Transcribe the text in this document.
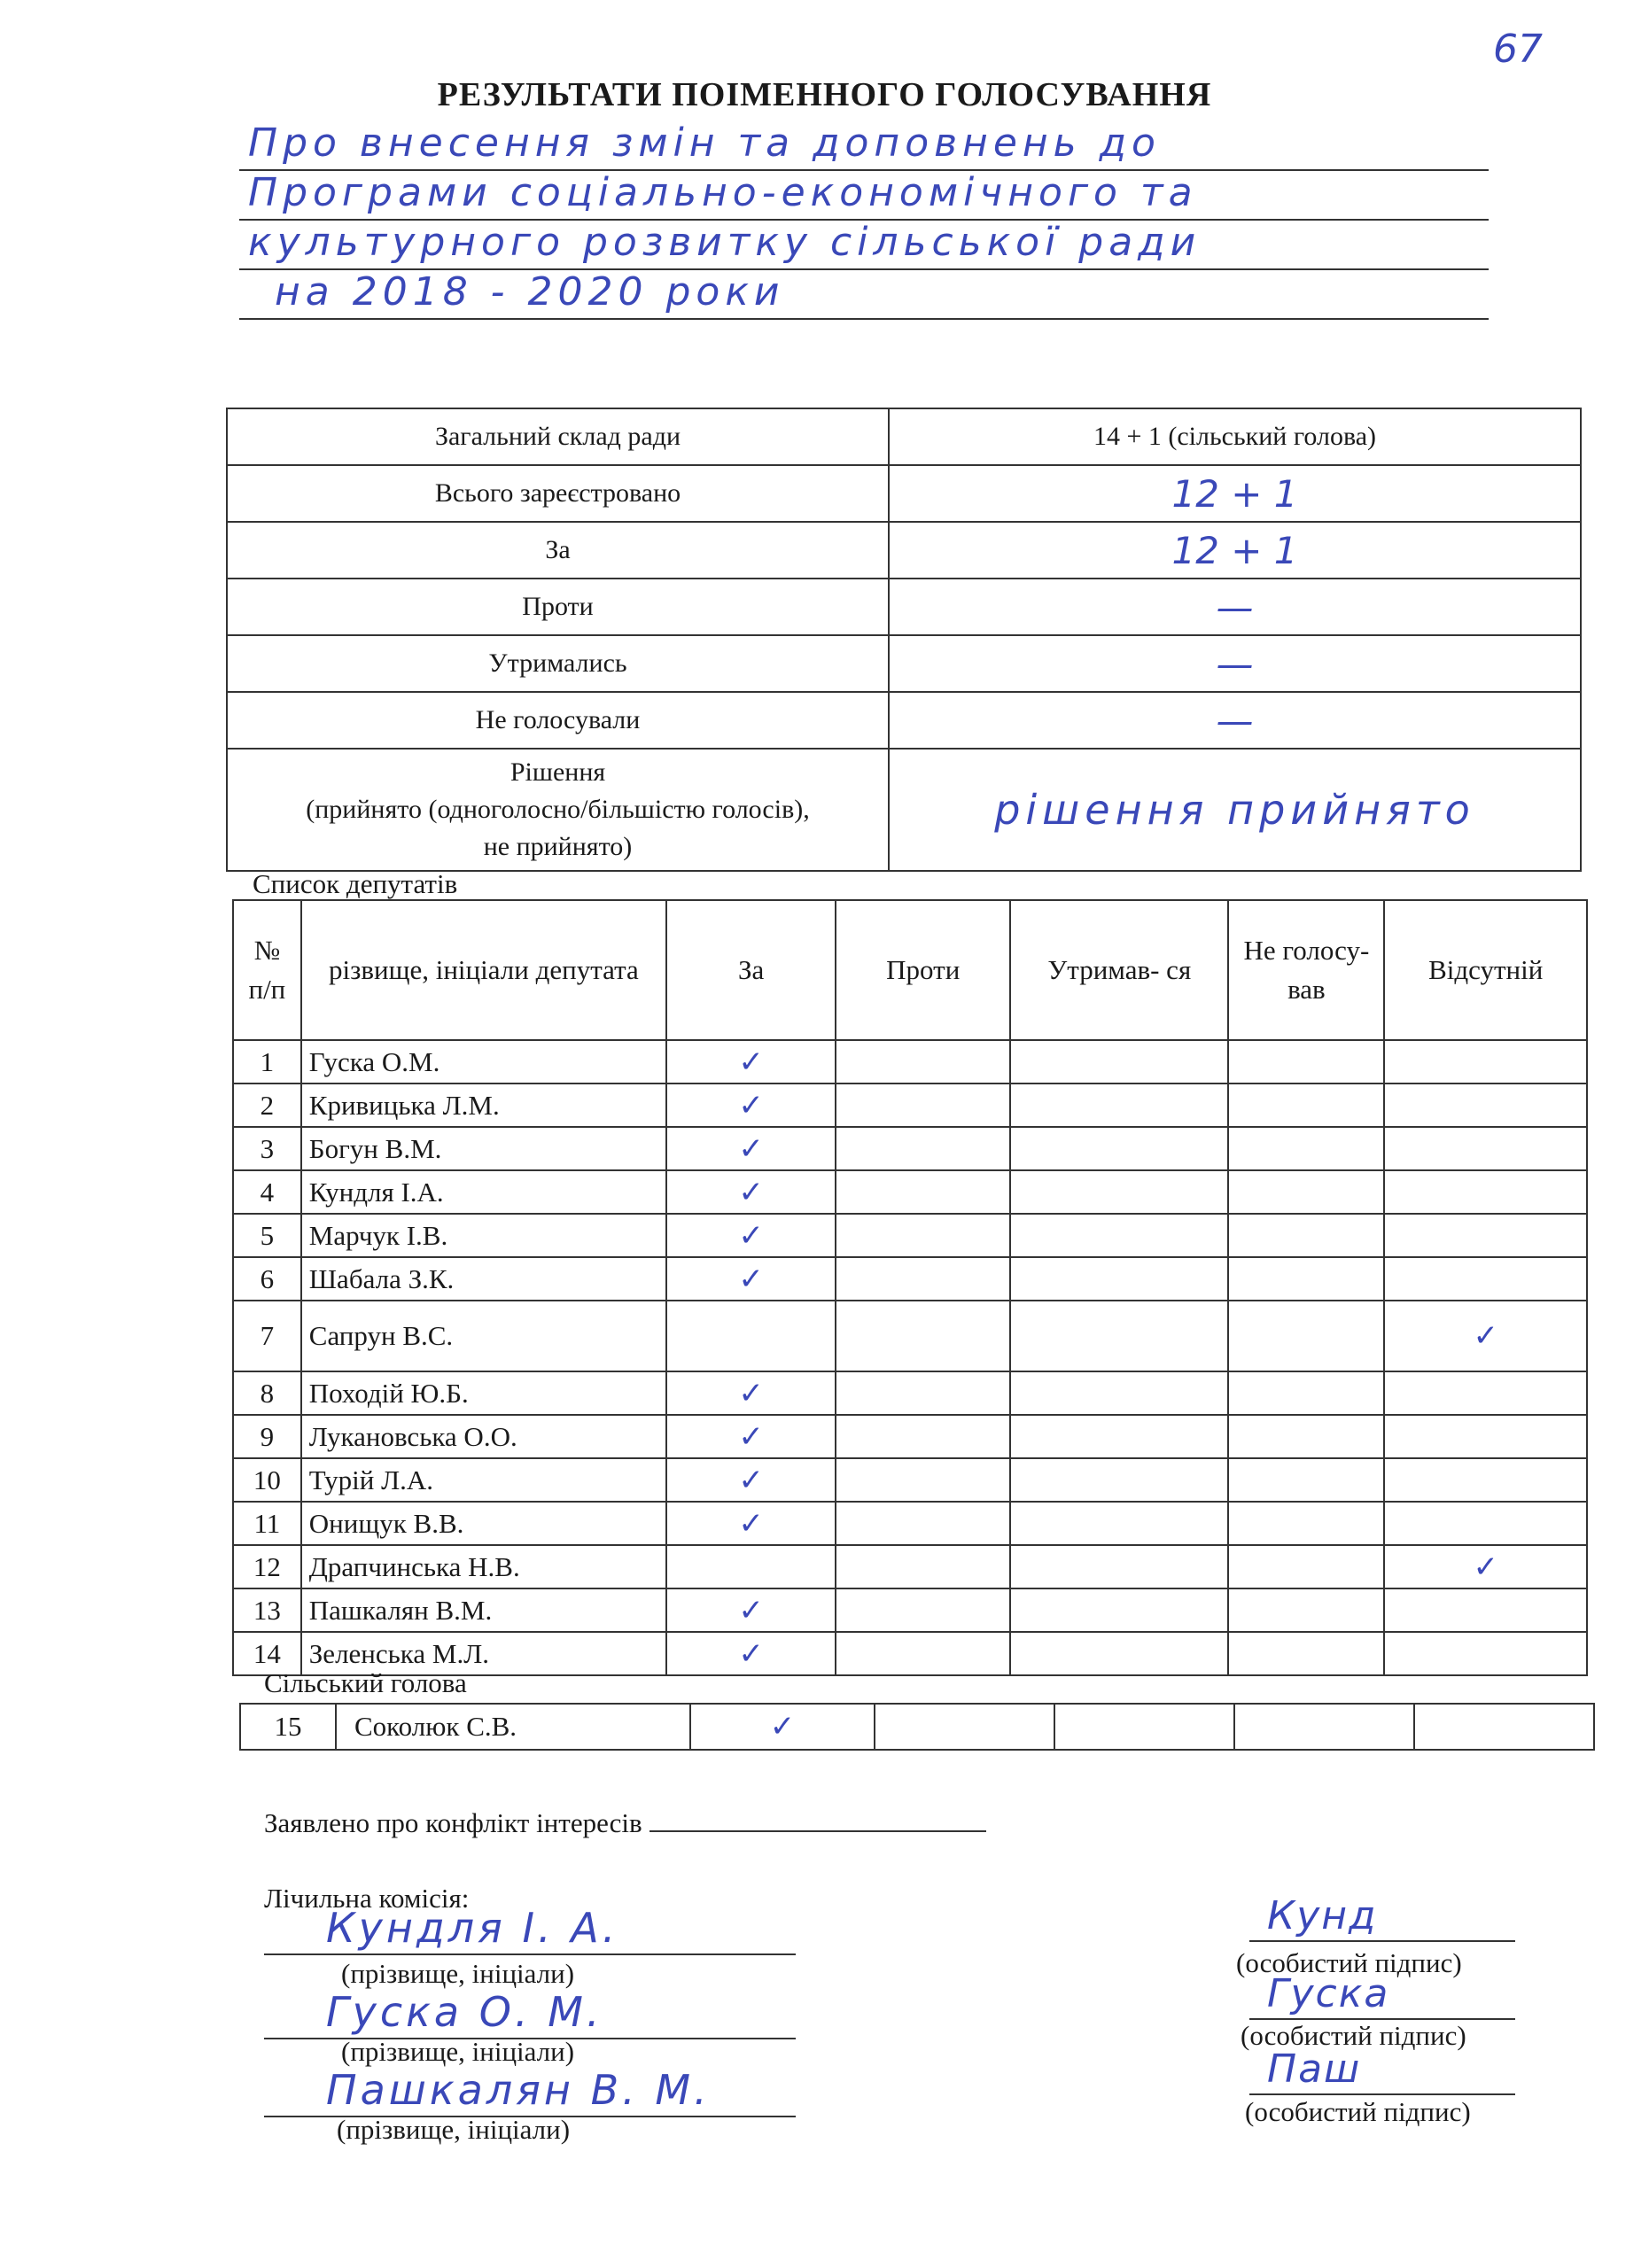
67
РЕЗУЛЬТАТИ ПОІМЕННОГО ГОЛОСУВАННЯ
Про внесення змін та доповнень до
Програми соціально-економічного та
культурного розвитку сільської ради
на 2018 - 2020 роки
Загальний склад ради	14 + 1 (сільський голова)
Всього зареєстровано	12 + 1
За	12 + 1
Проти	—
Утримались	—
Не голосували	—

Рішення
(прийнято (одноголосно/більшістю голосів),
не прийнято)	рішення прийнято
Список депутатів
№ п/п	різвище, ініціали депутата	За	Проти	Утримав- ся	Не голосу- вав	Відсутній
1	Гуска О.М.	✓				
2	Кривицька Л.М.	✓				
3	Богун В.М.	✓				
4	Кундля І.А.	✓				
5	Марчук І.В.	✓				
6	Шабала З.К.	✓				
7	Сапрун В.С.					✓
8	Походій Ю.Б.	✓				
9	Лукановська О.О.	✓				
10	Турій Л.А.	✓				
11	Онищук В.В.	✓				
12	Драпчинська Н.В.					✓
13	Пашкалян В.М.	✓				
14	Зеленська М.Л.	✓				
Сільський голова
15	Соколюк С.В.	✓				
Заявлено про конфлікт інтересів
Лічильна комісія:
Кундля І. А.
(прізвище, ініціали)
Гуска О. М.
(прізвище, ініціали)
Пашкалян В. М.
(прізвище, ініціали)
Кунд
(особистий підпис)
Гуска
(особистий підпис)
Паш
(особистий підпис)
